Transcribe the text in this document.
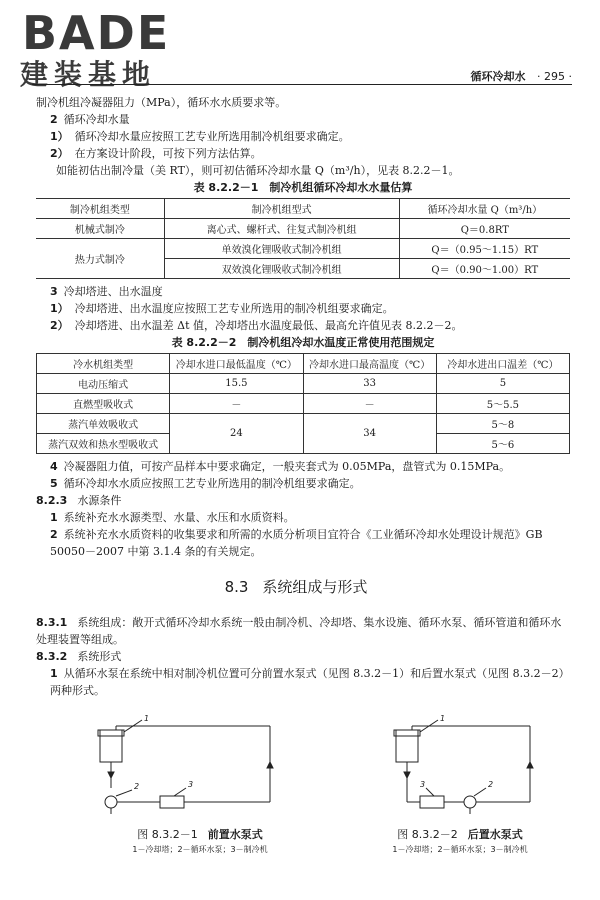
BADE
建装基地	循环冷却水 · 295 ·

制冷机组冷凝器阻力（MPa），循环水水质要求等。

2 循环冷却水量

1） 循环冷却水量应按照工艺专业所选用制冷机组要求确定。

2） 在方案设计阶段，可按下列方法估算。

如能初估出制冷量（美 RT），则可初估循环冷却水量 Q（m³/h），见表 8.2.2－1。

表 8.2.2－1　制冷机组循环冷却水水量估算
制冷机组类型	制冷机组型式	循环冷却水量 Q（m³/h）
机械式制冷	离心式、螺杆式、往复式制冷机组	Q＝0.8RT
热力式制冷	单效溴化锂吸收式制冷机组	Q＝（0.95～1.15）RT
	双效溴化锂吸收式制冷机组	Q＝（0.90～1.00）RT

3 冷却塔进、出水温度

1） 冷却塔进、出水温度应按照工艺专业所选用的制冷机组要求确定。

2） 冷却塔进、出水温差 Δt 值，冷却塔出水温度最低、最高允许值见表 8.2.2－2。

表 8.2.2－2　制冷机组冷却水温度正常使用范围规定
冷水机组类型	冷却水进口最低温度（℃）	冷却水进口最高温度（℃）	冷却水进出口温差（℃）
电动压缩式	15.5	33	5
直燃型吸收式	－	－	5～5.5
蒸汽单效吸收式	24	34	5～8
蒸汽双效和热水型吸收式			5～6

4 冷凝器阻力值，可按产品样本中要求确定，一般夹套式为 0.05MPa，盘管式为 0.15MPa。

5 循环冷却水水质应按照工艺专业所选用的制冷机组要求确定。

8.2.3 水源条件

1 系统补充水水源类型、水量、水压和水质资料。

2 系统补充水水质资料的收集要求和所需的水质分析项目宜符合《工业循环冷却水处理设计规范》GB 50050－2007 中第 3.1.4 条的有关规定。

8.3 系统组成与形式

8.3.1 系统组成：敞开式循环冷却水系统一般由制冷机、冷却塔、集水设施、循环水泵、循环管道和循环水处理装置等组成。

8.3.2 系统形式

1 从循环水泵在系统中相对制冷机位置可分前置水泵式（见图 8.3.2－1）和后置水泵式（见图 8.3.2－2）两种形式。

1
2	3
图 8.3.2－1 前置水泵式
1－冷却塔；2－循环水泵；3－制冷机
1
2
3
图 8.3.2－2 后置水泵式
1－冷却塔；2－循环水泵；3－制冷机
